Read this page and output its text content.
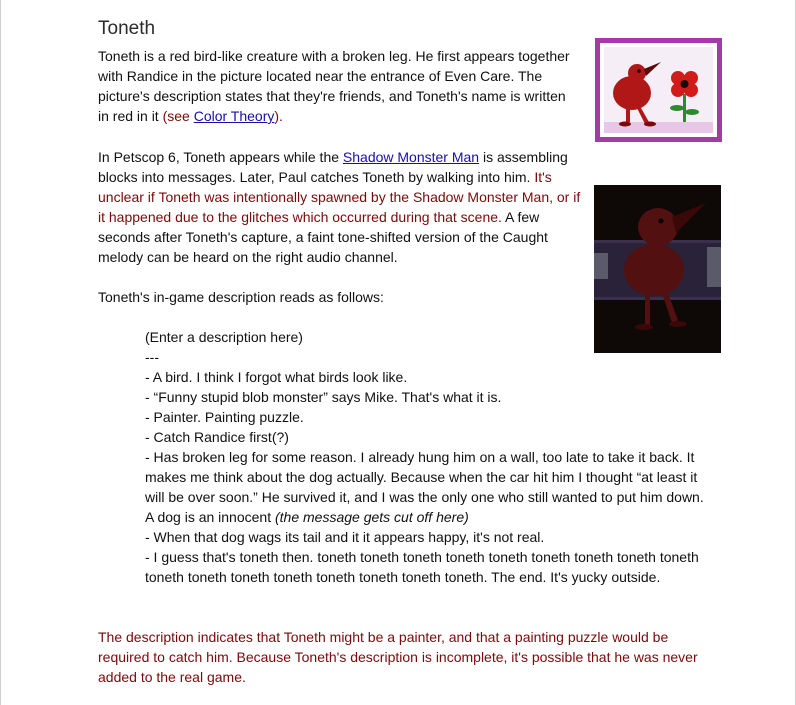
Toneth

Toneth is a red bird-like creature with a broken leg. He first appears together with Randice in the picture located near the entrance of Even Care. The picture's description states that they're friends, and Toneth's name is written in red in it (see Color Theory).

In Petscop 6, Toneth appears while the Shadow Monster Man is assembling blocks into messages. Later, Paul catches Toneth by walking into him. It's unclear if Toneth was intentionally spawned by the Shadow Monster Man, or if it happened due to the glitches which occurred during that scene. A few seconds after Toneth's capture, a faint tone-shifted version of the Caught melody can be heard on the right audio channel.

Toneth's in-game description reads as follows:

The description indicates that Toneth might be a painter, and that a painting puzzle would be required to catch him. Because Toneth's description is incomplete, it's possible that he was never added to the real game.

(Enter a description here)
---
- A bird. I think I forgot what birds look like.
- “Funny stupid blob monster” says Mike. That's what it is.
- Painter. Painting puzzle.
- Catch Randice first(?)
- Has broken leg for some reason. I already hung him on a wall, too late to take it back. It makes me think about the dog actually. Because when the car hit him I thought “at least it will be over soon.” He survived it, and I was the only one who still wanted to put him down. A dog is an innocent (the message gets cut off here)
- When that dog wags its tail and it it appears happy, it's not real.
- I guess that's toneth then. toneth toneth toneth toneth toneth toneth toneth toneth toneth toneth toneth toneth toneth toneth toneth toneth toneth. The end. It's yucky outside.
